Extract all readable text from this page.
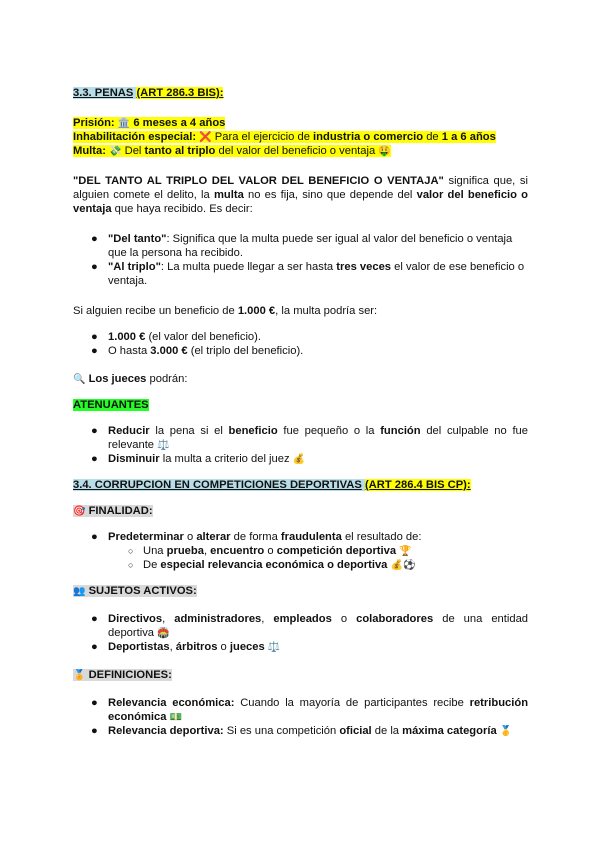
3.3. PENAS (ART 286.3 BIS):
Prisión: 🏛️ 6 meses a 4 años
Inhabilitación especial: ❌ Para el ejercicio de industria o comercio de 1 a 6 años
Multa: 💸 Del tanto al triplo del valor del beneficio o ventaja 🤑
"DEL TANTO AL TRIPLO DEL VALOR DEL BENEFICIO O VENTAJA" significa que, si
alguien comete el delito, la multa no es fija, sino que depende del valor del beneficio o
ventaja que haya recibido. Es decir:
● "Del tanto": Significa que la multa puede ser igual al valor del beneficio o ventaja
que la persona ha recibido.
● "Al triplo": La multa puede llegar a ser hasta tres veces el valor de ese beneficio o
ventaja.
Si alguien recibe un beneficio de 1.000 €, la multa podría ser:
● 1.000 € (el valor del beneficio).
● O hasta 3.000 € (el triplo del beneficio).
🔍 Los jueces podrán:
ATENUANTES
● Reducir la pena si el beneficio fue pequeño o la función del culpable no fue
relevante ⚖️
● Disminuir la multa a criterio del juez 💰
3.4. CORRUPCION EN COMPETICIONES DEPORTIVAS (ART 286.4 BIS CP):
🎯 FINALIDAD:
● Predeterminar o alterar de forma fraudulenta el resultado de:
○ Una prueba, encuentro o competición deportiva 🏆
○ De especial relevancia económica o deportiva 💰⚽
👥 SUJETOS ACTIVOS:
● Directivos, administradores, empleados o colaboradores de una entidad
deportiva 🏟️
● Deportistas, árbitros o jueces ⚖️
🏅 DEFINICIONES:
● Relevancia económica: Cuando la mayoría de participantes recibe retribución
económica 💵
● Relevancia deportiva: Si es una competición oficial de la máxima categoría 🥇
